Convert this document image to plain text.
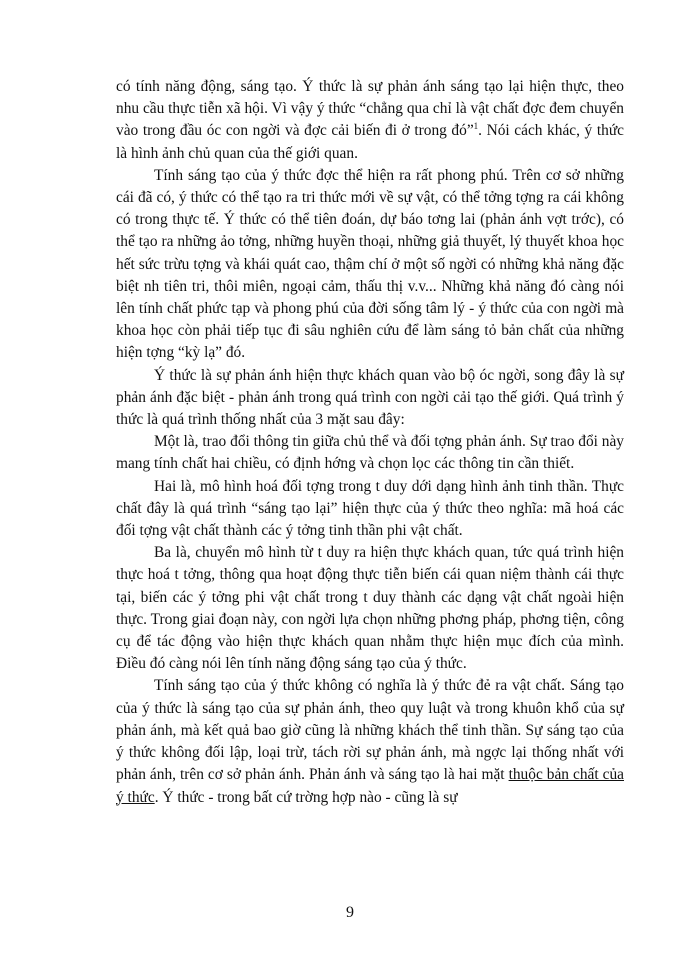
có tính năng động, sáng tạo. Ý thức là sự phản ánh sáng tạo lại hiện thực, theo nhu cầu thực tiễn xã hội. Vì vậy ý thức “chẳng qua chỉ là vật chất đợc đem chuyển vào trong đầu óc con ngời và đợc cải biến đi ở trong đó”$^1$. Nói cách khác, ý thức là hình ảnh chủ quan của thế giới quan.

Tính sáng tạo của ý thức đợc thể hiện ra rất phong phú. Trên cơ sở những cái đã có, ý thức có thể tạo ra tri thức mới về sự vật, có thể tởng tợng ra cái không có trong thực tế. Ý thức có thể tiên đoán, dự báo tơng lai (phản ánh vợt trớc), có thể tạo ra những ảo tởng, những huyền thoại, những giả thuyết, lý thuyết khoa học hết sức trừu tợng và khái quát cao, thậm chí ở một số ngời có những khả năng đặc biệt nh tiên tri, thôi miên, ngoại cảm, thấu thị v.v... Những khả năng đó càng nói lên tính chất phức tạp và phong phú của đời sống tâm lý - ý thức của con ngời mà khoa học còn phải tiếp tục đi sâu nghiên cứu để làm sáng tỏ bản chất của những hiện tợng “kỳ lạ” đó.

Ý thức là sự phản ánh hiện thực khách quan vào bộ óc ngời, song đây là sự phản ánh đặc biệt - phản ánh trong quá trình con ngời cải tạo thế giới. Quá trình ý thức là quá trình thống nhất của 3 mặt sau đây:

Một là, trao đổi thông tin giữa chủ thể và đối tợng phản ánh. Sự trao đổi này mang tính chất hai chiều, có định hớng và chọn lọc các thông tin cần thiết.

Hai là, mô hình hoá đối tợng trong t duy dới dạng hình ảnh tinh thần. Thực chất đây là quá trình “sáng tạo lại” hiện thực của ý thức theo nghĩa: mã hoá các đối tợng vật chất thành các ý tởng tinh thần phi vật chất.

Ba là, chuyển mô hình từ t duy ra hiện thực khách quan, tức quá trình hiện thực hoá t tởng, thông qua hoạt động thực tiễn biến cái quan niệm thành cái thực tại, biến các ý tởng phi vật chất trong t duy thành các dạng vật chất ngoài hiện thực. Trong giai đoạn này, con ngời lựa chọn những phơng pháp, phơng tiện, công cụ để tác động vào hiện thực khách quan nhằm thực hiện mục đích của mình. Điều đó càng nói lên tính năng động sáng tạo của ý thức.

Tính sáng tạo của ý thức không có nghĩa là ý thức đẻ ra vật chất. Sáng tạo của ý thức là sáng tạo của sự phản ánh, theo quy luật và trong khuôn khổ của sự phản ánh, mà kết quả bao giờ cũng là những khách thể tinh thần. Sự sáng tạo của ý thức không đối lập, loại trừ, tách rời sự phản ánh, mà ngợc lại thống nhất với phản ánh, trên cơ sở phản ánh. Phản ánh và sáng tạo là hai mặt thuộc bản chất của ý thức. Ý thức - trong bất cứ trờng hợp nào - cũng là sự

9
